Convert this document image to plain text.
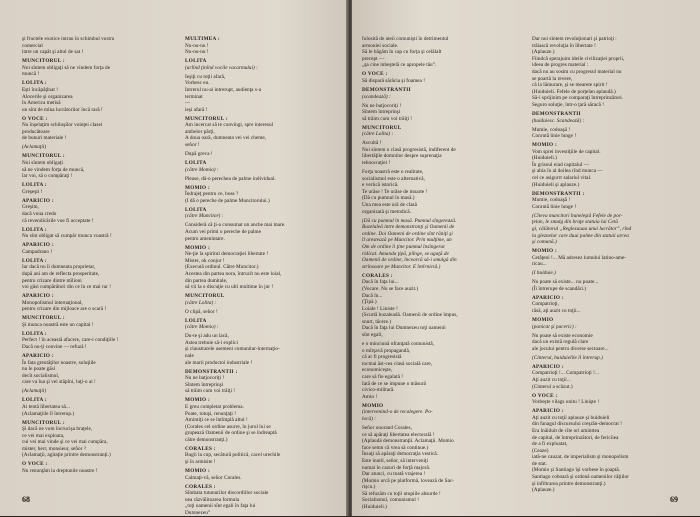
şi fructele exotice intrau în schimbul vostru
comercial
intre un capăt şi altul de sat !

MUNCITORUL :

Noi sîntem obligaţi să ne vindem forţa de
muncă !

LOLITA :

Eşti încăpăţînat !
Alocerile şi organizarea
în America metisă
un sînt de mîna lucrătorilor încă rară !

O VOCE :

Nu înşelaţim schiloşilor voinţei clasei
producătoare
de bunuri materiale !

(Aclamaţii)

MUNCITORUL :

Noi sîntem obligaţi
să ne vindem forţa de muncă,
îar voi, să o cumpăraţi !

LOLITA :

Greşeşti !

APARICIO :

Greşim,
dacă voua credo
că revendicările voe fi acceptate !

LOLITA :

Nu sînt obligat să cumpăr munca voastră !

APARICIO :

Campadrano !

LOLITA :

Iar dacă nu îi dumneata proprietar,
după ani am de reflecta prosperitate,
pentru crizare dintre mîlioni
voi găsi cumpărători din ce în ce mai rar !

APARICIO :

Monopolismul internaţional,
pentru crizare din mijloace are o scară !

MUNCITORUL :

Şi munca noastră este un capital !

LOLITA :

Perfect ! în această afacere, care-i condiţiile !
Dacă nu-ţi convine — refuză !

APARICIO :

În fata greutăţilor noastre, soluţiile
nu le poate găsi
decît socialismul,
care va lua şi vei stăpîni, luţi-o ai !

(Aclamaţii)

LOLITA :

Ai tentă libertatea să...
(Aclamaţiile îl întrerup.)

MUNCITORUL :

Şi dacă ne vom încrucişa braţele,
ce vei mai exploata,
cui vei mai vinde şi ce vei mai cumpăra,
mister, herr, monsieur, señor ?
(Aclamaţii, agitaţie printre demonstranţi.)

O VOCE :

Nu renunţăm la dreptunile noastre !

MULTIMEA :

Nu-nu-nu !
Nu-nu-nu !

LOLITA

(urlînd ţinînd vocile vacarmului) :

Ieşiţi cu toţii afară,
Vorbesc eu.
Intrerul nu-ai intrerupt, audienţa s-a
terminat
—
ieşi afară !

MUNCITORUL :

Am incercat să te convingi, spre interesul
ambelor părţi,
A doua oară, dumneata vei vei cheme,
señor !

După greva !

LOLITA

(către Momio) :

Please, dă-o perechea de palme individual.

MOMIO :

Îndrajeţ pentru ce, boss ?
(I dă o pereche de palme Muncitorului.)

LOLITA

(către Muncitor) :

Consideră că ţi-a consumat un anche mai mare.
Acum vei primi o pereche de palme
pentru amenintare.

MOMIO :

Ne-ţie la spiritul democraţiei libertate !
Mister, ok conjur !
(Execută ordinul. Către Muncitor.)
Acestea din partea nora, întrucît nu este loial,
din partea dumitale,
să vii la o discuţie cu ulti multime în jur !

MUNCITORUL

(către Lolita) :

O clipă, señor !

LOLITA

(către Momio) :

Du-te şi adu un lacă,
Astea trebuie să-i explici
şi claustrarele asemeni comunitar-internaţio-
nale
ale marii productoi industriale !

DEMONSTRANTII :

Nu ne batjocoriţi !
Sîntem întreprinşi
să trăim cum voi trăiţi !

MOMIO :

E greu completat problema.
Poate, totuşi, renunţaţi !
Amintiţi ce se întîmplă altul !
(Corales cel ordine asurre, în jurul lui se
grupează Oamenii de ordine şi se îndreaptă
către demonstranţi.)

CORALES :

Bugii la cup, secătură politică, cacel urechile
şi în armisite !

MOMIO :

Calmaţi-vă, señor Corales.

CORALES :

Sîmbata tutunurilor discordiilor sociale
nea răzvălitoarea formula
„toţi oamenii sînt egali în faţa lui
Dumnezeu”

68

folosită de ateii comunişti în detrimentul
armoniei sociale.
Să le băgăm în cap cu forţa şi celălalt
precept —
„şa cine inbeştelă ce apropele tău”.

O VOCE :

Să dispară sărăcia şi foamea !

DEMONSTRANTII

(scandează) :

Nu ne batjocoriţi !
Sîntem întreprinşi
să trăim cum voi trăiţi !

MUNCITORUL

(către Lolita) :

Ascultă !
Noi sîntem o clasă progresistă, indiferent de
libertăţile domnilor despre suprenaţia
tehnocraţiei !

Forţa noastră este o realitate,
socialismul este o alternativă,
e veriică istorică.
Te urăse ! Te urăse de moarte !
(Dă cu pumnul în masă.)
Una mea este ură de clasă
organizată şi metodică.

(Dă cu pumnul în masă. Pumnul sîngerează.
Buzeluleă intre demonstranţi şi Oamenii de
ordine. Doi Oameni de ordine sînt răniţi şi
îl arestează pe Muncitor. Prin mulţime, un
Om de ordine îi ţine pumnul însîngerat
ridicat. Amanda ţipă, plînge, se agaţă de
Oamenii de ordine, încearcă să-i smulgă din
strînsoare pe Muncitor. E întîrnictă.)

CORALES :

Dacă în faţa lui...
(Vocare. Nu se face auzit.)
Dacă în...
(Ţipă.)
Loiale ! Liniste !
(Scurtă buzaleadă. Oamenii de ordine împus,
snurt, tăcere.)
Dacă în faţa lui Dumnezeu toţi oamenii
sînt egali,

e o minciună ofranţată comunistă,
o mîrşavă propagandă,
că ar fi progresistă
tocmai ăst-cea clasă socială care,
economiceşte,
care să fie egalată !
Iată de ce se impune o măsură
civico-militară.
Amin !

MOMIO

(intervenind-o de recalegere. Po-
locă) :

Señor onorand Corales,
ce să apăraţi libertatea electorală !
(Aplaudă demonstranţii. Aclamaţii. Momio
face semn că vrea să continue.)
Însuţi să apăraţi democraţia vestică.
Este inutil, señor, să interveniţi
numai în cazuri de forţă majoră.
Dar atunci, cu toată vrajerea !
(Momio urcă pe platformă, lovează de Sac-
rişcu.)
Să refuzăm cu toţii utopiile absurde !
Socialismul, comunismul !
(Huiduieli.)

Dar noi sîntem revoluţionari şi patrioţi :
trăiască revoluţia în libertate !
(Aplauze.)
Fiindcă sperajuim ideile civilizaţiei proprii,
ideea de progres material :
dacă nu au sosim cu progresul material nu
se poartă la revere,
că la lămurare, şi se mearete spirit !
(Huiduieli. Fefele de porţelan aplaudă.)
Să-i sprijinim pe comparaţi întreprinzători.
Seguro soluţie, într-o ţară săracă !

DEMONSTRANTII

(huiduiesc. Scandează) :

Mumie, codoaşă !
Conrută linie lunge !

MOMIO :

Vom sprei investiţiile de capital.
(Huiduieli.)
În grisoul eiad capitalul —
şi abia în al doilea rînd munca —
cel ce asigurrr salariul vital.
(Huiduieli şi aplauze.)

DEMONSTRANTII :

Mumie, codoaşă !
Conrută linie lunge !

(Cîteva muncitori buneleştă Fefele de por-
ţelan, le smulg din braţe statuia lui Cetă
gi, călătorul „Reglezaaaa unui lucrător”, rînd
la gleznelar care duui palme din statuii urcea
şi comună.)

MOMIO :

Cetăţeni !... Mă adresez lumului latino-ame-
ricau...

(I huiduie.)

Nu poate să existe... nu poate...
(Îi întrerupe de scandări.)

APARICIO :

Compatrioţi,
răsă, aţi auzit cu toţii...

MOMIO

(panicat şi paceric) :

Nu poate să existe economie
dacă un există regulă clare
ale jocului pentru diverse sectoare...

(Cinterul, huiduielile îl întrerup.)

APARICIO :

Compatrioţi !... Compatrioţi !...
Aţi auzit cu toţii...
(Cinterul a scăzut.)

O VOCE :

Vorbeşte vilags unitu ! Linişte !

APARICIO :

Aţi auzit cu toţii aplauze şi huiduieli
din fanagul discursului creşrăn-democrat !
Era înăiduit de cîte ori aminttea
de capital, de întreprinzători, de fericiiea
de a fi exploatat,
(Ceaze)
iată-ne cauzat, de imperialism şi monopolism
de stat.
(Momio şi Santiago îşi vorbese în şoaptă.
Santiago coboară şi ordonă oamenilor câţiilor
şi infiltrarea printre demonstranţi.)
(Aplauze.)

69
